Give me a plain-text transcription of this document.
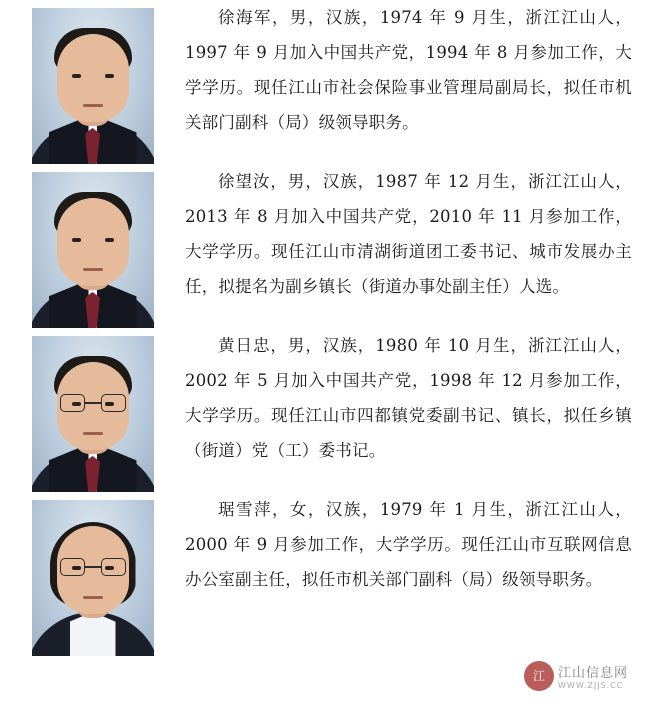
徐海军，男，汉族，1974 年 9 月生，浙江江山人，1997 年 9 月加入中国共产党，1994 年 8 月参加工作，大学学历。现任江山市社会保险事业管理局副局长，拟任市机关部门副科（局）级领导职务。

徐望汝，男，汉族，1987 年 12 月生，浙江江山人，2013 年 8 月加入中国共产党，2010 年 11 月参加工作，大学学历。现任江山市清湖街道团工委书记、城市发展办主任，拟提名为副乡镇长（街道办事处副主任）人选。

黄日忠，男，汉族，1980 年 10 月生，浙江江山人，2002 年 5 月加入中国共产党，1998 年 12 月参加工作，大学学历。现任江山市四都镇党委副书记、镇长，拟任乡镇（街道）党（工）委书记。

琚雪萍，女，汉族，1979 年 1 月生，浙江江山人，2000 年 9 月参加工作，大学学历。现任江山市互联网信息办公室副主任，拟任市机关部门副科（局）级领导职务。

江	江山信息网
WWW.ZJJS.CC
